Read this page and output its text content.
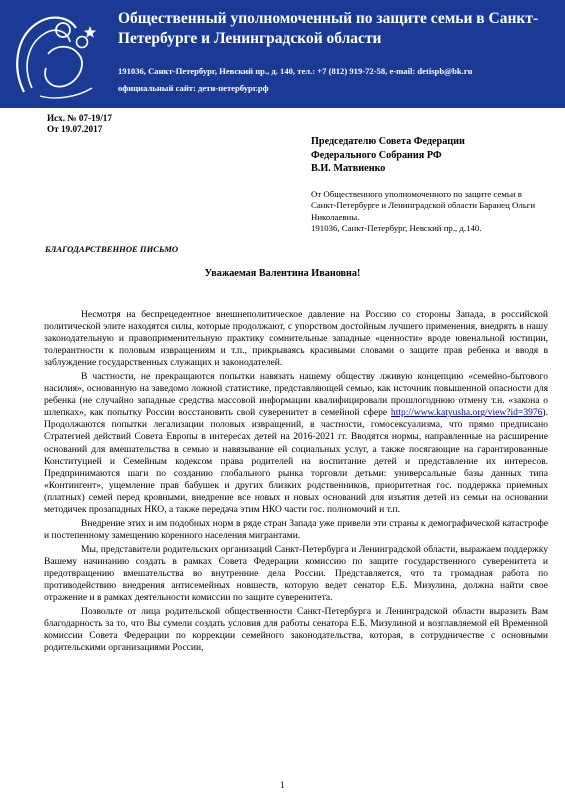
Общественный уполномоченный по защите семьи в Санкт-Петербурге и Ленинградской области
191036, Санкт-Петербург, Невский пр., д. 140, тел.: +7 (812) 919-72-58, e-mail: detispb@bk.ru
официальный сайт: дети-петербург.рф
Исх. № 07-19/17
От 19.07.2017
Председателю Совета Федерации
Федерального Собрания РФ
В.И. Матвиенко
От Общественного уполномоченного по защите семьи в Санкт-Петербурге и Ленинградской области Баранец Ольги Николаевны.
191036, Санкт-Петербург, Невский пр., д.140.
БЛАГОДАРСТВЕННОЕ ПИСЬМО
Уважаемая Валентина Ивановна!

Несмотря на беспрецедентное внешнеполитическое давление на Россию со стороны Запада, в российской политической элите находятся силы, которые продолжают, с упорством достойным лучшего применения, внедрять в нашу законодательную и правоприменительную практику сомнительные западные «ценности» вроде ювенальной юстиции, толерантности к половым извращениям и т.п., прикрываясь красивыми словами о защите прав ребенка и вводя в заблуждение государственных служащих и законодателей.

В частности, не прекращаются попытки навязать нашему обществу лживую концепцию «семейно-бытового насилия», основанную на заведомо ложной статистике, представляющей семью, как источник повышенной опасности для ребенка (не случайно западные средства массовой информации квалифицировали прошлогоднюю отмену т.н. «закона о шлепках», как попытку России восстановить свой суверенитет в семейной сфере http://www.katyusha.org/view?id=3976). Продолжаются попытки легализации половых извращений, в частности, гомосексуализма, что прямо предписано Стратегией действий Совета Европы в интересах детей на 2016-2021 гг. Вводятся нормы, направленные на расширение оснований для вмешательства в семью и навязывание ей социальных услуг, а также посягающие на гарантированные Конституцией и Семейным кодексом права родителей на воспитание детей и представление их интересов. Предпринимаются шаги по созданию глобального рынка торговли детьми: универсальные базы данных типа «Контингент», ущемление прав бабушек и других близких родственников, приоритетная гос. поддержка приемных (платных) семей перед кровными, внедрение все новых и новых оснований для изъятия детей из семьи на основании методичек прозападных НКО, а также передача этим НКО части гос. полномочий и т.п.

Внедрение этих и им подобных норм в ряде стран Запада уже привели эти страны к демографической катастрофе и постепенному замещению коренного населения мигрантами.

Мы, представители родительских организаций Санкт-Петербурга и Ленинградской области, выражаем поддержку Вашему начинанию создать в рамках Совета Федерации комиссию по защите государственного суверенитета и предотвращению вмешательства во внутренние дела России. Представляется, что та громадная работа по противодействию внедрения антисемейных новшеств, которую ведет сенатор Е.Б. Мизулина, должна найти свое отражение и в рамках деятельности комиссии по защите суверенитета.

Позвольте от лица родительской общественности Санкт-Петербурга и Ленинградской области выразить Вам благодарность за то, что Вы сумели создать условия для работы сенатора Е.Б. Мизулиной и возглавляемой ей Временной комиссии Совета Федерации по коррекции семейного законодательства, которая, в сотрудничестве с основными родительскими организациями России,

1
